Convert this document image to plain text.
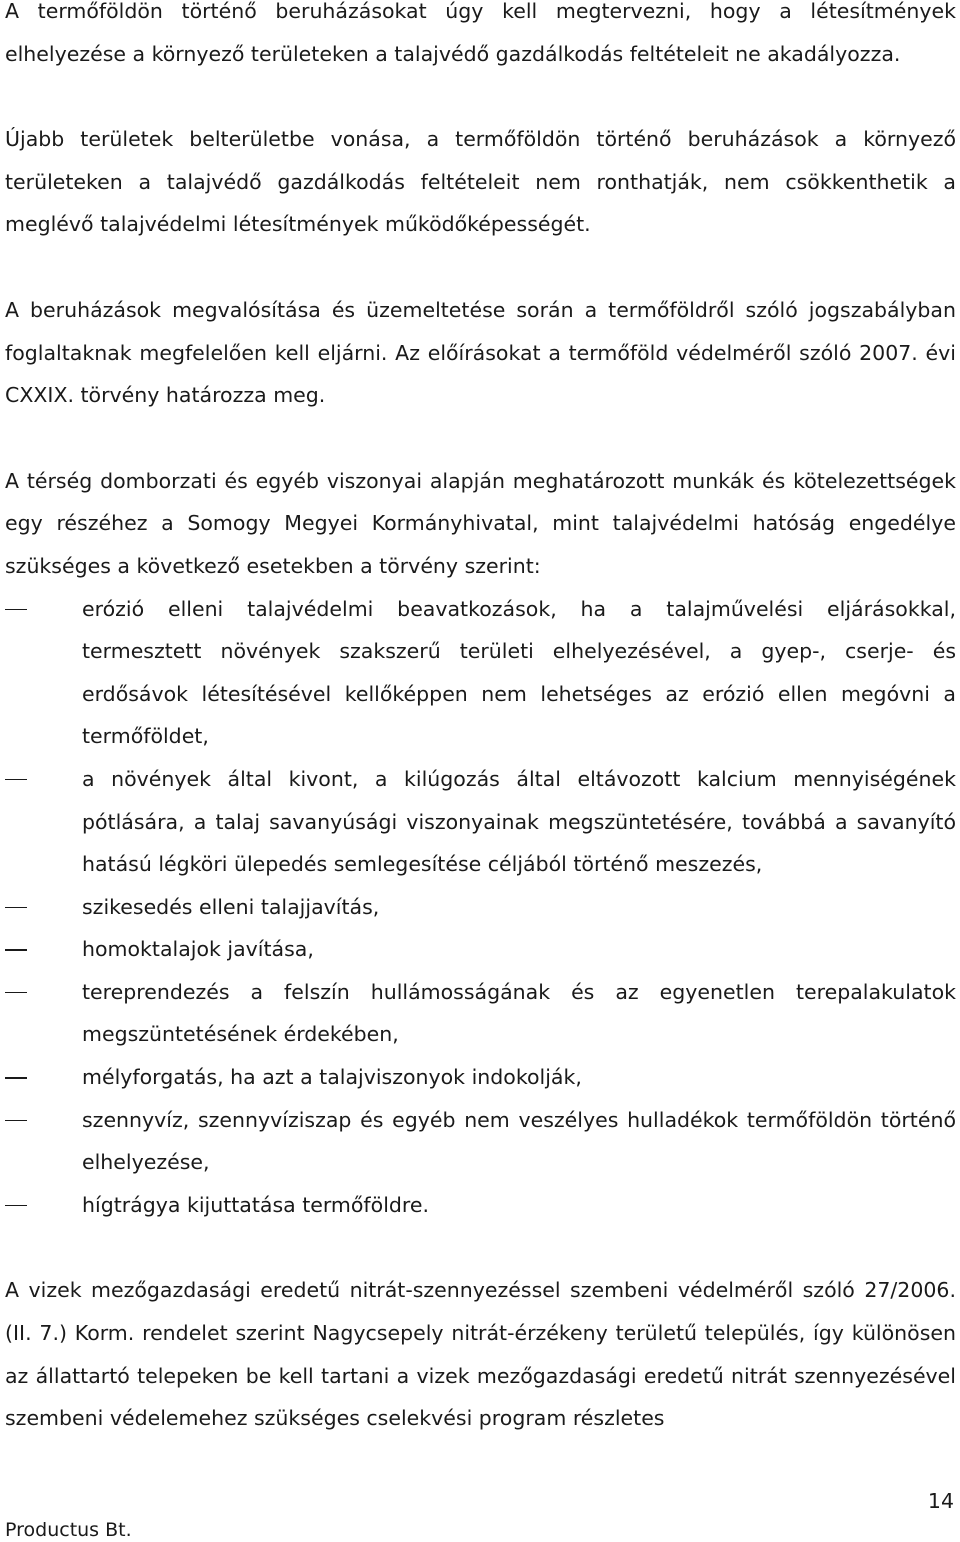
A termőföldön történő beruházásokat úgy kell megtervezni, hogy a létesítmények elhelyezése a környező területeken a talajvédő gazdálkodás feltételeit ne akadályozza.

Újabb területek belterületbe vonása, a termőföldön történő beruházások a környező területeken a talajvédő gazdálkodás feltételeit nem ronthatják, nem csökkenthetik a meglévő talajvédelmi létesítmények működőképességét.

A beruházások megvalósítása és üzemeltetése során a termőföldről szóló jogszabályban foglaltaknak megfelelően kell eljárni. Az előírásokat a termőföld védelméről szóló 2007. évi CXXIX. törvény határozza meg.

A térség domborzati és egyéb viszonyai alapján meghatározott munkák és kötelezettségek egy részéhez a Somogy Megyei Kormányhivatal, mint talajvédelmi hatóság engedélye szükséges a következő esetekben a törvény szerint:

erózió elleni talajvédelmi beavatkozások, ha a talajművelési eljárásokkal, termesztett növények szakszerű területi elhelyezésével, a gyep-, cserje- és erdősávok létesítésével kellőképpen nem lehetséges az erózió ellen megóvni a termőföldet,
a növények által kivont, a kilúgozás által eltávozott kalcium mennyiségének pótlására, a talaj savanyúsági viszonyainak megszüntetésére, továbbá a savanyító hatású légköri ülepedés semlegesítése céljából történő meszezés,
szikesedés elleni talajjavítás,
homoktalajok javítása,
tereprendezés a felszín hullámosságának és az egyenetlen terepalakulatok megszüntetésének érdekében,
mélyforgatás, ha azt a talajviszonyok indokolják,
szennyvíz, szennyvíziszap és egyéb nem veszélyes hulladékok termőföldön történő elhelyezése,
hígtrágya kijuttatása termőföldre.

A vizek mezőgazdasági eredetű nitrát-szennyezéssel szembeni védelméről szóló 27/2006. (II. 7.) Korm. rendelet szerint Nagycsepely nitrát-érzékeny területű település, így különösen az állattartó telepeken be kell tartani a vizek mezőgazdasági eredetű nitrát szennyezésével szembeni védelemehez szükséges cselekvési program részletes

14
Productus Bt.
